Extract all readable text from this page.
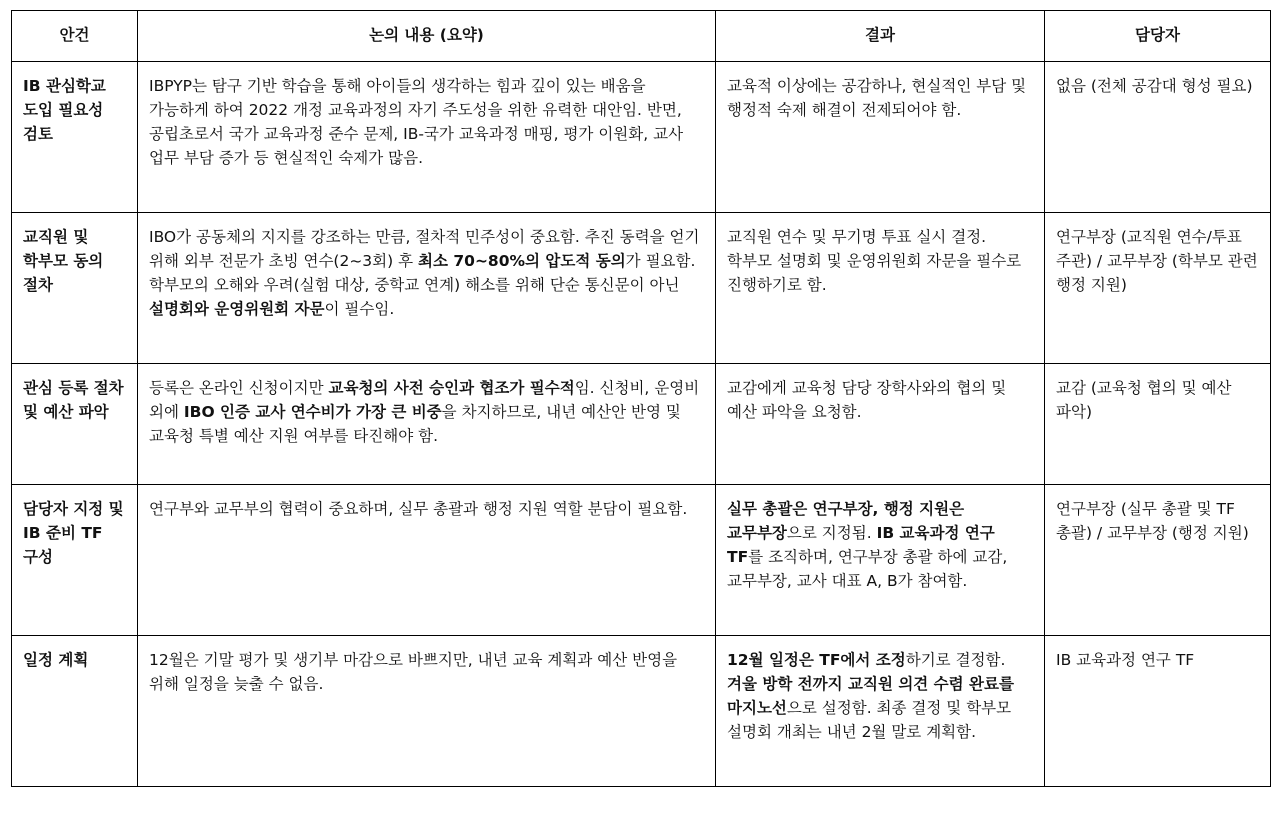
안건	논의 내용 (요약)	결과	담당자
IB 관심학교 도입 필요성 검토	IBPYP는 탐구 기반 학습을 통해 아이들의 생각하는 힘과 깊이 있는 배움을 가능하게 하여 2022 개정 교육과정의 자기 주도성을 위한 유력한 대안임. 반면, 공립초로서 국가 교육과정 준수 문제, IB-국가 교육과정 매핑, 평가 이원화, 교사 업무 부담 증가 등 현실적인 숙제가 많음.	교육적 이상에는 공감하나, 현실적인 부담 및 행정적 숙제 해결이 전제되어야 함.	없음 (전체 공감대 형성 필요)
교직원 및 학부모 동의 절차	IBO가 공동체의 지지를 강조하는 만큼, 절차적 민주성이 중요함. 추진 동력을 얻기 위해 외부 전문가 초빙 연수(2~3회) 후 최소 70~80%의 압도적 동의가 필요함. 학부모의 오해와 우려(실험 대상, 중학교 연계) 해소를 위해 단순 통신문이 아닌 설명회와 운영위원회 자문이 필수임.	교직원 연수 및 무기명 투표 실시 결정. 학부모 설명회 및 운영위원회 자문을 필수로 진행하기로 함.	연구부장 (교직원 연수/투표 주관) / 교무부장 (학부모 관련 행정 지원)
관심 등록 절차 및 예산 파악	등록은 온라인 신청이지만 교육청의 사전 승인과 협조가 필수적임. 신청비, 운영비 외에 IBO 인증 교사 연수비가 가장 큰 비중을 차지하므로, 내년 예산안 반영 및 교육청 특별 예산 지원 여부를 타진해야 함.	교감에게 교육청 담당 장학사와의 협의 및 예산 파악을 요청함.	교감 (교육청 협의 및 예산 파악)
담당자 지정 및 IB 준비 TF 구성	연구부와 교무부의 협력이 중요하며, 실무 총괄과 행정 지원 역할 분담이 필요함.	실무 총괄은 연구부장, 행정 지원은 교무부장으로 지정됨. IB 교육과정 연구 TF를 조직하며, 연구부장 총괄 하에 교감, 교무부장, 교사 대표 A, B가 참여함.	연구부장 (실무 총괄 및 TF 총괄) / 교무부장 (행정 지원)
일정 계획	12월은 기말 평가 및 생기부 마감으로 바쁘지만, 내년 교육 계획과 예산 반영을 위해 일정을 늦출 수 없음.	12월 일정은 TF에서 조정하기로 결정함. 겨울 방학 전까지 교직원 의견 수렴 완료를 마지노선으로 설정함. 최종 결정 및 학부모 설명회 개최는 내년 2월 말로 계획함.	IB 교육과정 연구 TF
